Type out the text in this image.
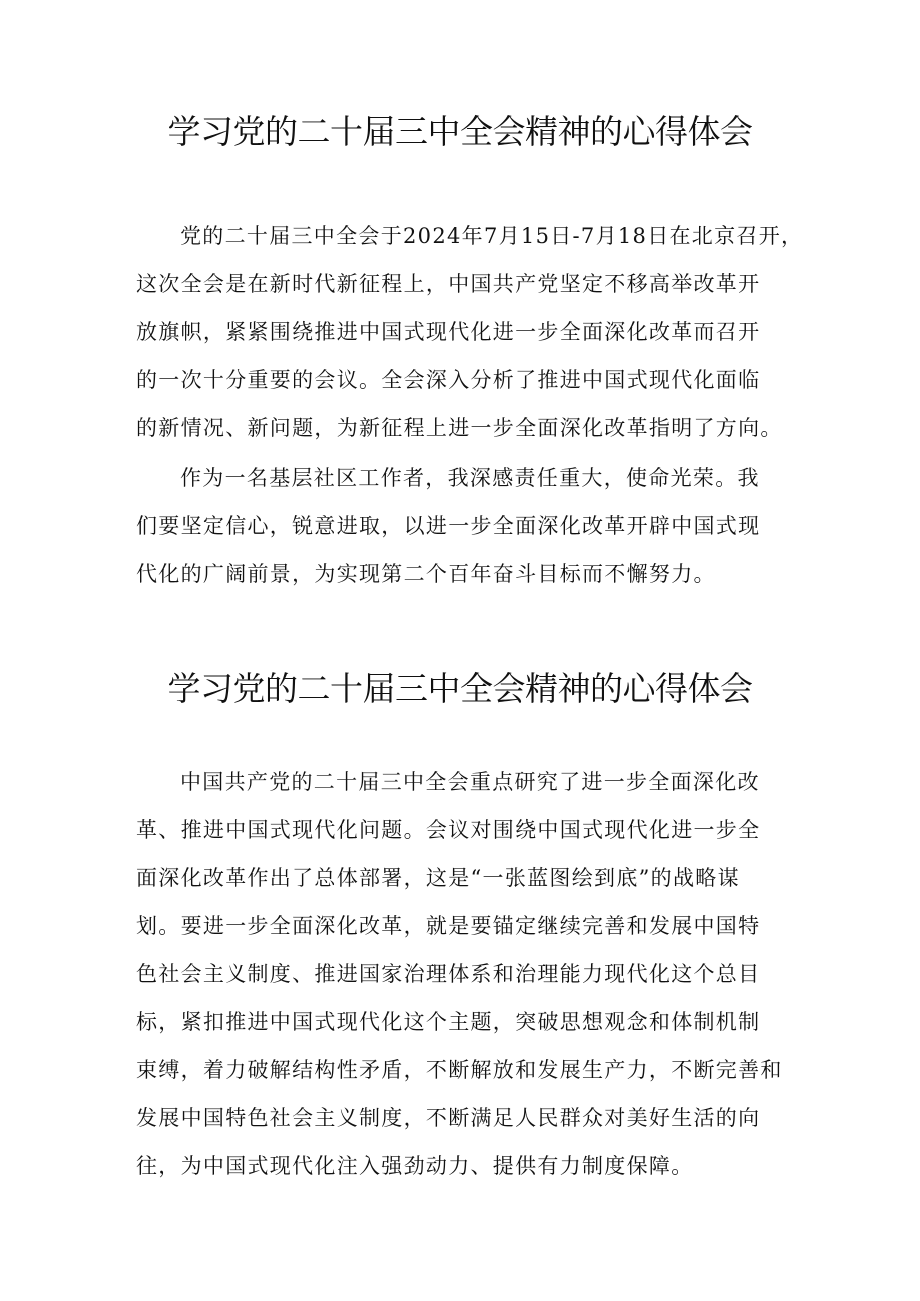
学习党的二十届三中全会精神的心得体会
党的二十届三中全会于2024年7月15日-7月18日在北京召开，
这次全会是在新时代新征程上，中国共产党坚定不移高举改革开
放旗帜，紧紧围绕推进中国式现代化进一步全面深化改革而召开
的一次十分重要的会议。全会深入分析了推进中国式现代化面临
的新情况、新问题，为新征程上进一步全面深化改革指明了方向。
作为一名基层社区工作者，我深感责任重大，使命光荣。我
们要坚定信心，锐意进取，以进一步全面深化改革开辟中国式现
代化的广阔前景，为实现第二个百年奋斗目标而不懈努力。
学习党的二十届三中全会精神的心得体会
中国共产党的二十届三中全会重点研究了进一步全面深化改
革、推进中国式现代化问题。会议对围绕中国式现代化进一步全
面深化改革作出了总体部署，这是“一张蓝图绘到底”的战略谋
划。要进一步全面深化改革，就是要锚定继续完善和发展中国特
色社会主义制度、推进国家治理体系和治理能力现代化这个总目
标，紧扣推进中国式现代化这个主题，突破思想观念和体制机制
束缚，着力破解结构性矛盾，不断解放和发展生产力，不断完善和
发展中国特色社会主义制度，不断满足人民群众对美好生活的向
往，为中国式现代化注入强劲动力、提供有力制度保障。
